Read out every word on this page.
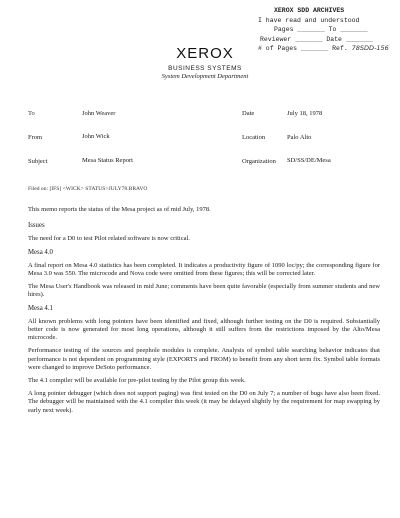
XEROX SDD ARCHIVES
I have read and understood
Pages _______ To _______
Reviewer _______ Date _______
# of Pages _______ Ref. 78SDD-156
XEROX
BUSINESS SYSTEMS
System Development Department
To	John Weaver	Date	July 18, 1978
From	John Wick	Location	Palo Alto
Subject	Mesa Status Report	Organization SD/SS/DE/Mesa
Filed on: [IFS] <WICK> STATUS>JULY78.BRAVO

This memo reports the status of the Mesa project as of mid July, 1978.

Issues

The need for a D0 to test Pilot related software is now critical.

Mesa 4.0

A final report on Mesa 4.0 statistics has been completed. It indicates a productivity figure of 1090 loc/py; the corresponding figure for Mesa 3.0 was 550. The microcode and Nova code were omitted from these figures; this will be corrected later.

The Mesa User's Handbook was released in mid June; comments have been quite favorable (especially from summer students and new hires).

Mesa 4.1

All known problems with long pointers have been identified and fixed, although further testing on the D0 is required. Substantially better code is now generated for most long operations, although it still suffers from the restrictions imposed by the Alto/Mesa microcode.

Performance testing of the sources and peephole modules is complete. Analysis of symbol table searching behavior indicates that performance is not dependent on programming style (EXPORTS and FROM) to benefit from any short term fix. Symbol table formats were changed to improve DeSoto performance.

The 4.1 compiler will be available for pre-pilot testing by the Pilot group this week.

A long pointer debugger (which does not support paging) was first tested on the D0 on July 7; a number of bugs have also been fixed. The debugger will be maintained with the 4.1 compiler this week (it may be delayed slightly by the requirement for map swapping by early next week).
